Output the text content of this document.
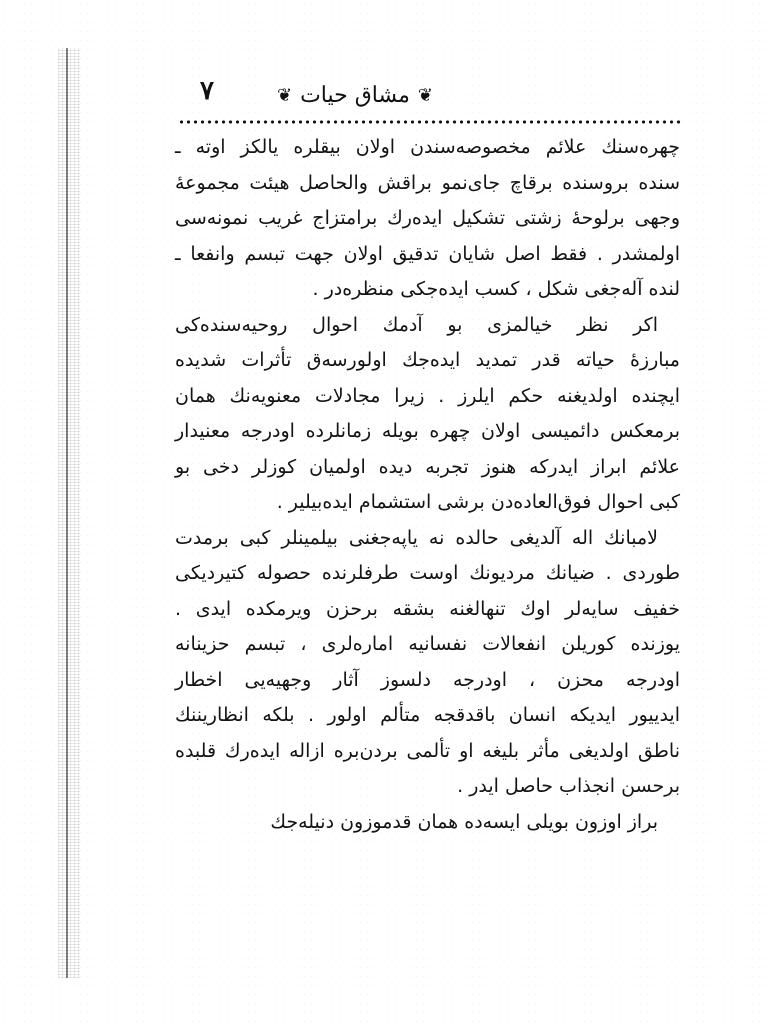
۷	❦
مشاق حیات
❦
چهره‌سنك علائم مخصوصه‌سندن اولان بیقلره یالکز اوته ـ
سنده بروسنده برقاچ جای‌نمو براقش والحاصل هیئت مجموعهٔ
وجهی برلوحهٔ زشتی تشکیل ایده‌رك برامتزاج غریب نمونه‌سی
اولمشدر . فقط اصل شایان تدقیق اولان جهت تبسم وانفعا ـ
لنده آله‌جغی شکل ، کسب ایده‌جکی منظره‌در .
اکر نظر خیالمزی بو آدمك احوال روحیه‌سنده‌کی
مبارزهٔ حیاته قدر تمدید ایده‌جك اولورسه‌ق تأثرات شدیده
ایچنده اولدیغنه حکم ایلرز . زیرا مجادلات معنویه‌نك همان
برمعکس دائمیسی اولان چهره بویله زمانلرده اودرجه معنیدار
علائم ابراز ایدرکه هنوز تجربه دیده اولمیان کوزلر دخی بو
کبی احوال فوق‌العاده‌دن برشی استشمام ایده‌بیلیر .
لامبانك اله آلدیغی حالده نه یاپه‌جغنی بیلمینلر کبی برمدت
طوردی . ضیانك مردیونك اوست طرفلرنده حصوله کتیردیکی
خفیف سایه‌لر اوك تنهالغنه بشقه برحزن ویرمکده ایدی .
یوزنده کوریلن انفعالات نفسانیه امارەلری ، تبسم حزینانه
اودرجه محزن ، اودرجه دلسوز آثار وجهیه‌یی اخطار
ایدییور ایدیکه انسان باقدقجه متألم اولور . بلکه انظاریننك
ناطق اولدیغی مأثر بلیغه او تألمی بردن‌بره ازاله ایده‌رك قلبده
برحسن انجذاب حاصل ایدر .
براز اوزون بویلی ایسه‌ده همان قدموزون دنیله‌جك
